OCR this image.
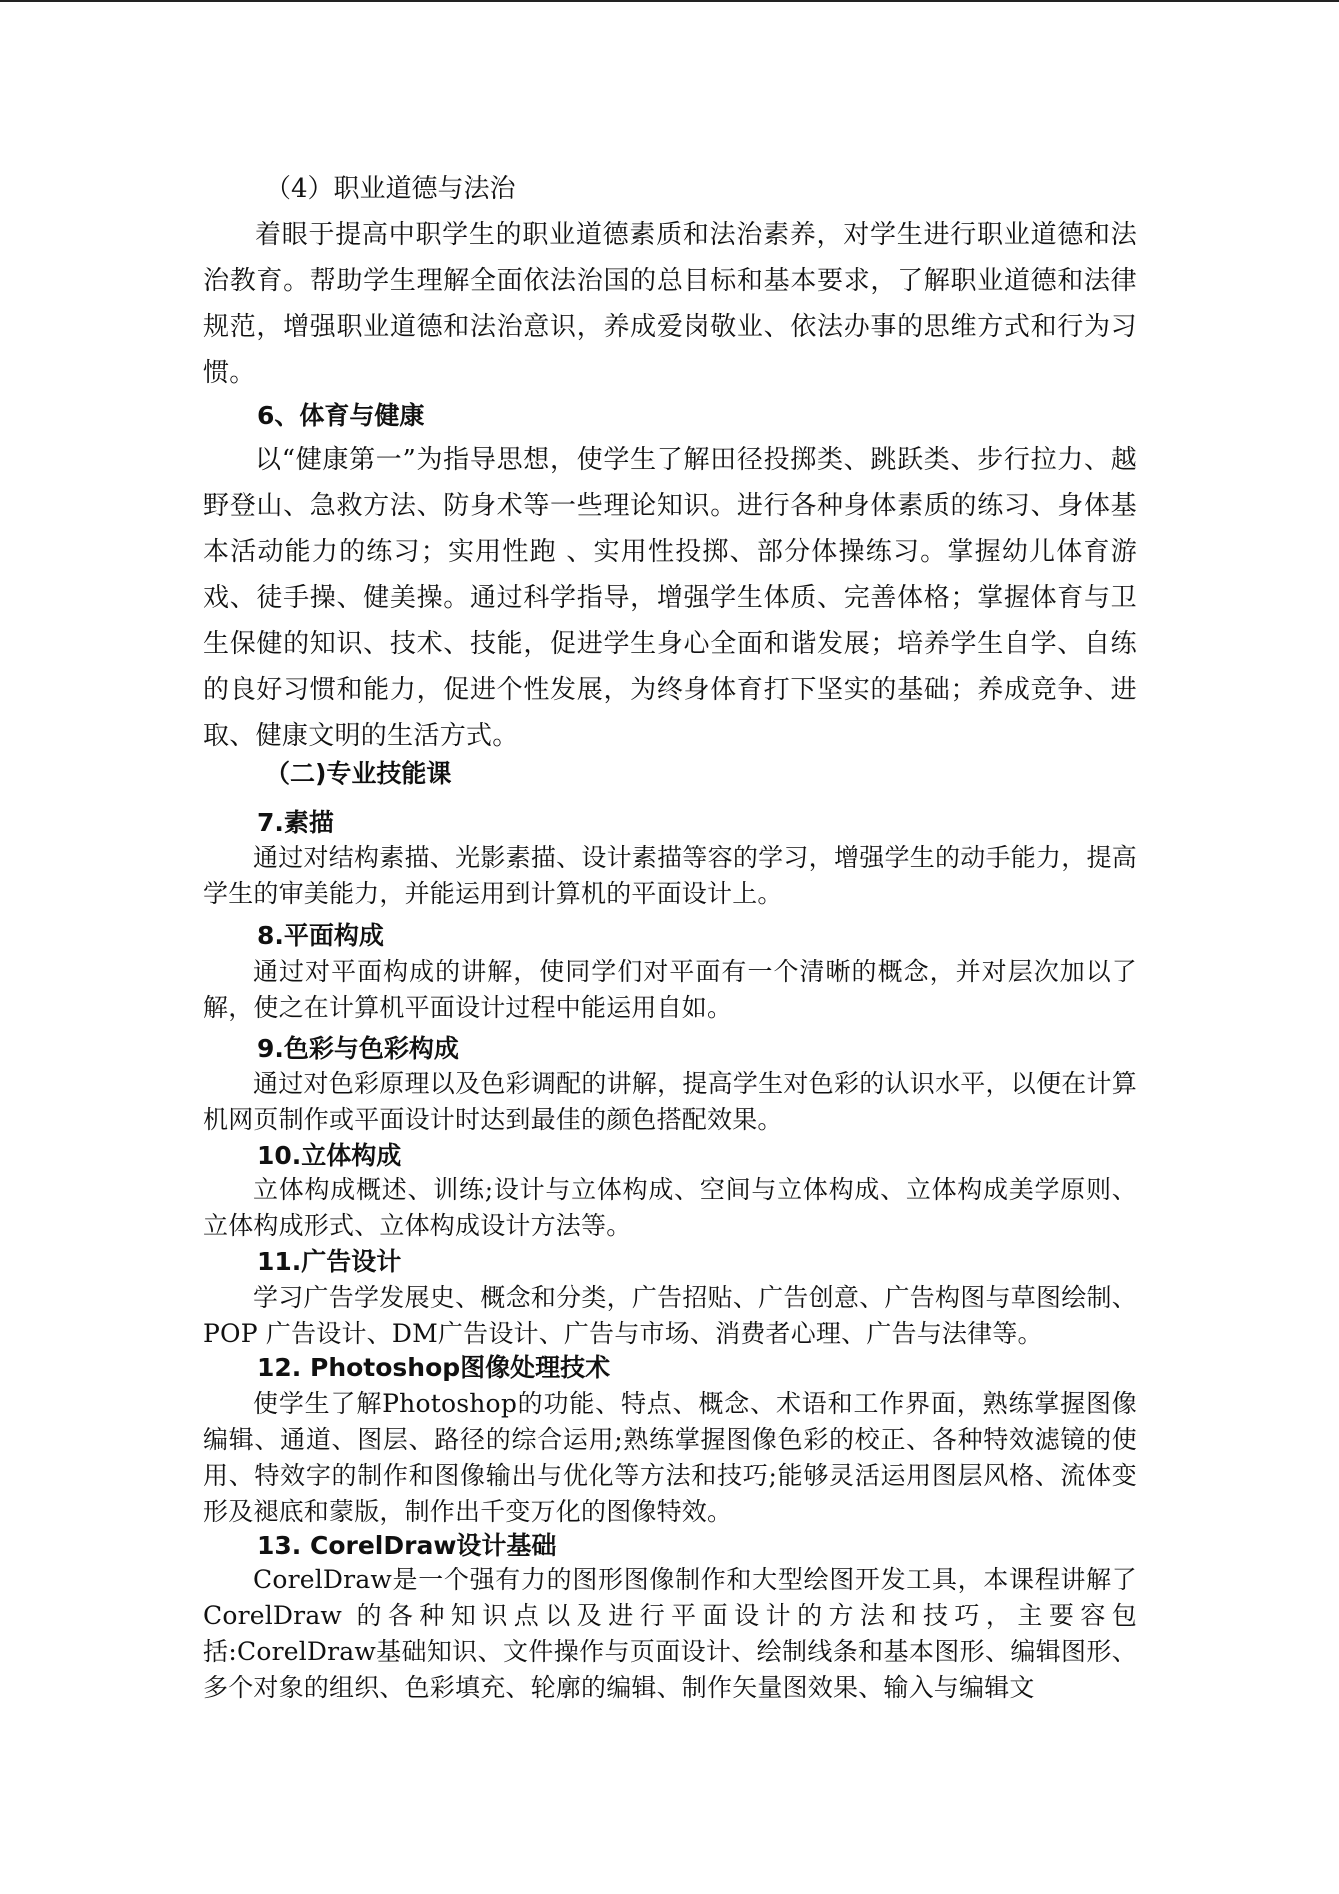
（4）职业道德与法治
着眼于提高中职学生的职业道德素质和法治素养，对学生进行职业道德和法治教育。帮助学生理解全面依法治国的总目标和基本要求，了解职业道德和法律规范，增强职业道德和法治意识，养成爱岗敬业、依法办事的思维方式和行为习惯。
6、体育与健康
以“健康第一”为指导思想，使学生了解田径投掷类、跳跃类、步行拉力、越野登山、急救方法、防身术等一些理论知识。进行各种身体素质的练习、身体基本活动能力的练习；实用性跑 、实用性投掷、部分体操练习。掌握幼儿体育游戏、徒手操、健美操。通过科学指导，增强学生体质、完善体格；掌握体育与卫生保健的知识、技术、技能，促进学生身心全面和谐发展；培养学生自学、自练的良好习惯和能力，促进个性发展，为终身体育打下坚实的基础；养成竞争、进取、健康文明的生活方式。
（二)专业技能课
7.素描
通过对结构素描、光影素描、设计素描等容的学习，增强学生的动手能力，提高学生的审美能力，并能运用到计算机的平面设计上。
8.平面构成
通过对平面构成的讲解，使同学们对平面有一个清晰的概念，并对层次加以了解，使之在计算机平面设计过程中能运用自如。
9.色彩与色彩构成
通过对色彩原理以及色彩调配的讲解，提高学生对色彩的认识水平，以便在计算机网页制作或平面设计时达到最佳的颜色搭配效果。
10.立体构成
立体构成概述、训练;设计与立体构成、空间与立体构成、立体构成美学原则、立体构成形式、立体构成设计方法等。
11.广告设计
学习广告学发展史、概念和分类，广告招贴、广告创意、广告构图与草图绘制、POP 广告设计、DM广告设计、广告与市场、消费者心理、广告与法律等。
12. Photoshop图像处理技术
使学生了解Photoshop的功能、特点、概念、术语和工作界面，熟练掌握图像编辑、通道、图层、路径的综合运用;熟练掌握图像色彩的校正、各种特效滤镜的使用、特效字的制作和图像输出与优化等方法和技巧;能够灵活运用图层风格、流体变形及褪底和蒙版，制作出千变万化的图像特效。
13. CorelDraw设计基础
CorelDraw是一个强有力的图形图像制作和大型绘图开发工具，本课程讲解了 CorelDraw 的各种知识点以及进行平面设计的方法和技巧，主要容包括:CorelDraw基础知识、文件操作与页面设计、绘制线条和基本图形、编辑图形、多个对象的组织、色彩填充、轮廓的编辑、制作矢量图效果、输入与编辑文
